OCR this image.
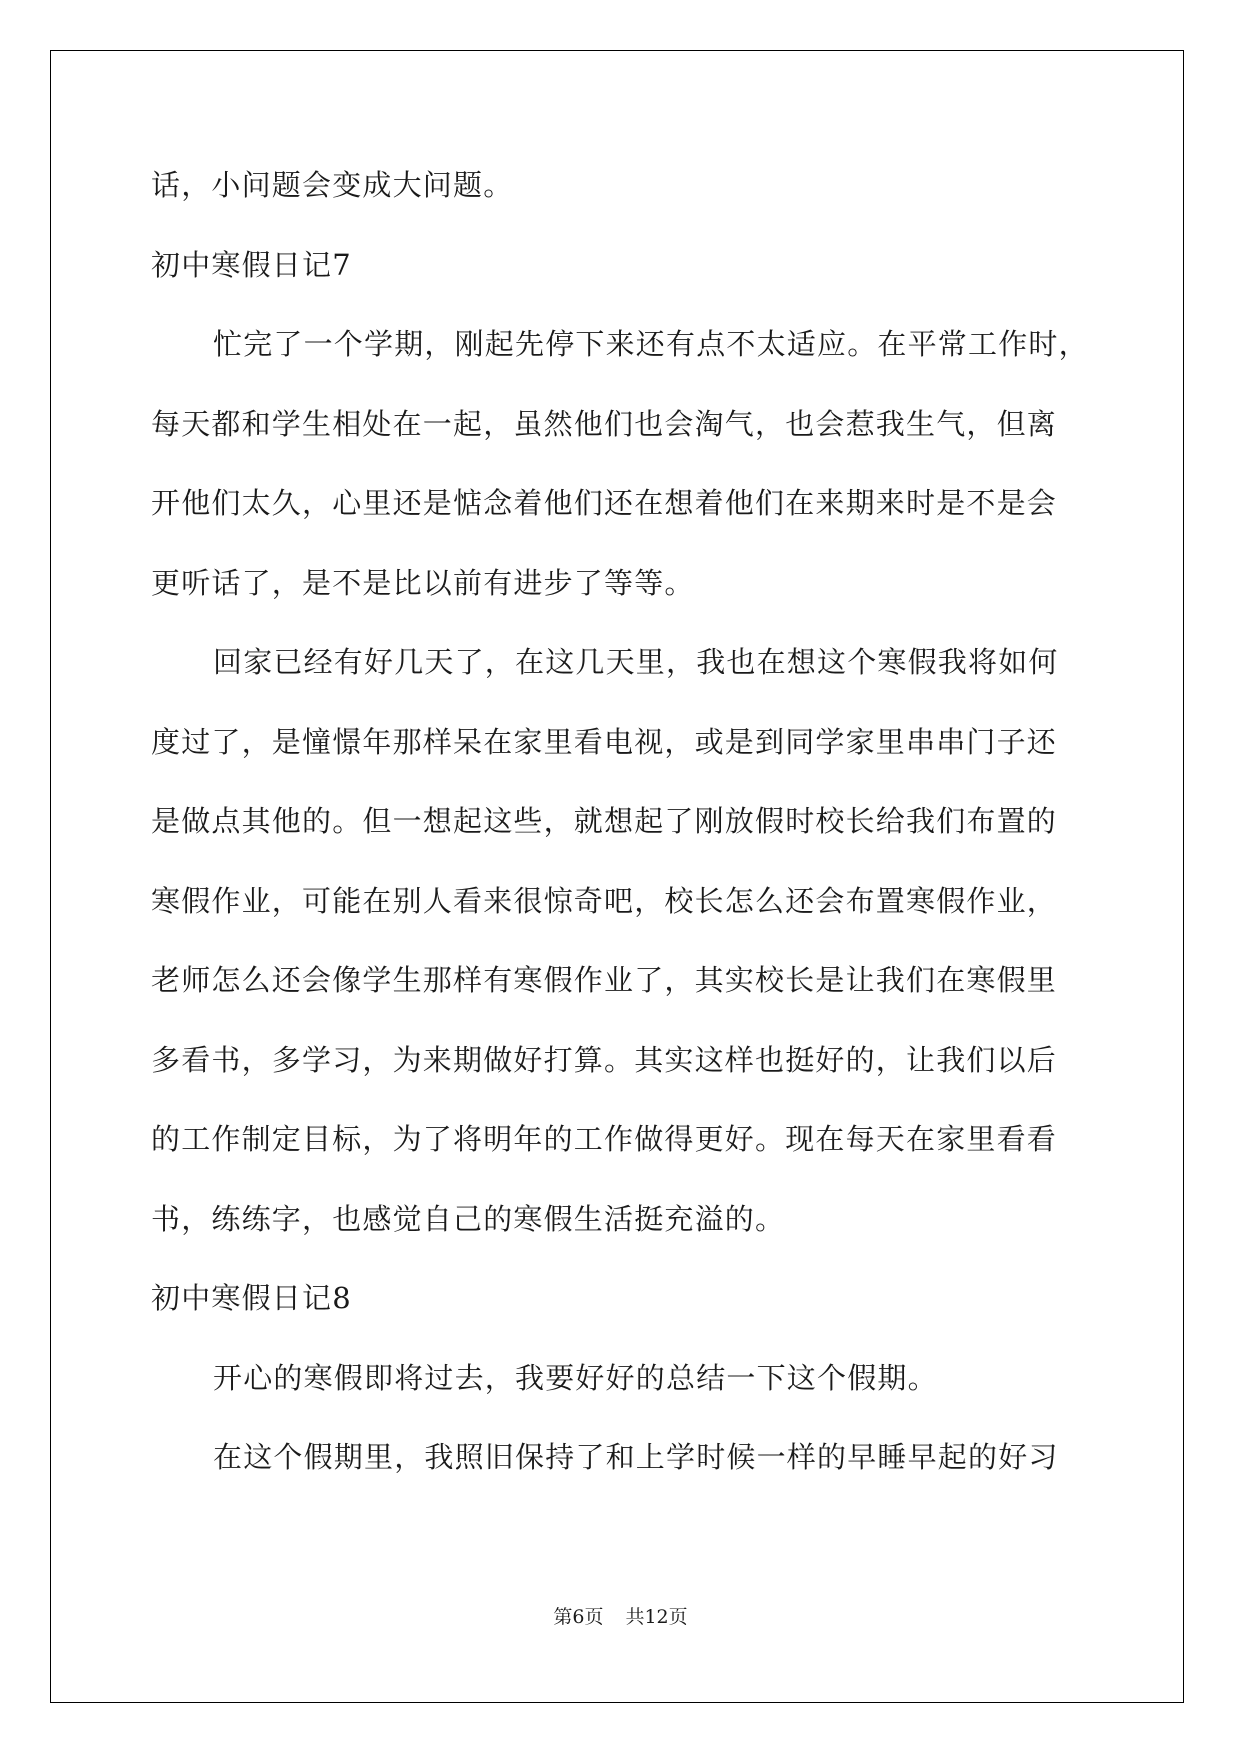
话，小问题会变成大问题。
初中寒假日记7
忙完了一个学期，刚起先停下来还有点不太适应。在平常工作时，
每天都和学生相处在一起，虽然他们也会淘气，也会惹我生气，但离
开他们太久，心里还是惦念着他们还在想着他们在来期来时是不是会
更听话了，是不是比以前有进步了等等。
回家已经有好几天了，在这几天里，我也在想这个寒假我将如何
度过了，是憧憬年那样呆在家里看电视，或是到同学家里串串门子还
是做点其他的。但一想起这些，就想起了刚放假时校长给我们布置的
寒假作业，可能在别人看来很惊奇吧，校长怎么还会布置寒假作业，
老师怎么还会像学生那样有寒假作业了，其实校长是让我们在寒假里
多看书，多学习，为来期做好打算。其实这样也挺好的，让我们以后
的工作制定目标，为了将明年的工作做得更好。现在每天在家里看看
书，练练字，也感觉自己的寒假生活挺充溢的。
初中寒假日记8
开心的寒假即将过去，我要好好的总结一下这个假期。
在这个假期里，我照旧保持了和上学时候一样的早睡早起的好习
第6页 共12页
